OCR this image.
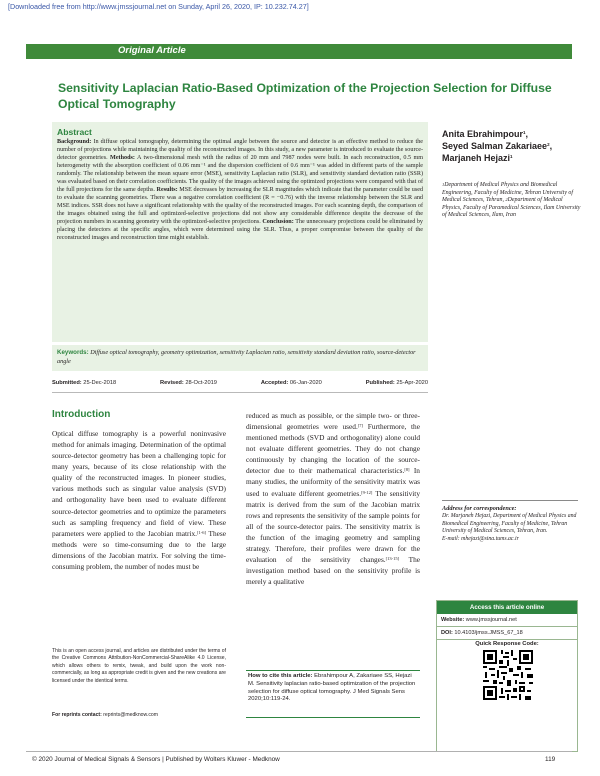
[Downloaded free from http://www.jmssjournal.net on Sunday, April 26, 2020, IP: 10.232.74.27]
Original Article
Sensitivity Laplacian Ratio-Based Optimization of the Projection Selection for Diffuse Optical Tomography
Abstract
Background: In diffuse optical tomography, determining the optimal angle between the source and detector is an effective method to reduce the number of projections while maintaining the quality of the reconstructed images. In this study, a new parameter is introduced to evaluate the source-detector geometries. Methods: A two-dimensional mesh with the radius of 20 mm and 7987 nodes were built. In each reconstruction, 0.5 mm heterogeneity with the absorption coefficient of 0.06 mm⁻¹ and the dispersion coefficient of 0.6 mm⁻¹ was added in different parts of the sample randomly. The relationship between the mean square error (MSE), sensitivity Laplacian ratio (SLR), and sensitivity standard deviation ratio (SSR) was evaluated based on their correlation coefficients. The quality of the images achieved using the optimized projections were compared with that of the full projections for the same depths. Results: MSE decreases by increasing the SLR magnitudes which indicate that the parameter could be used to evaluate the scanning geometries. There was a negative correlation coefficient (R = −0.76) with the inverse relationship between the SLR and MSE indices. SSR does not have a significant relationship with the quality of the reconstructed images. For each scanning depth, the comparison of the images obtained using the full and optimized-selective projections did not show any considerable difference despite the decrease of the projection numbers in scanning geometry with the optimized-selective projections. Conclusion: The unnecessary projections could be eliminated by placing the detectors at the specific angles, which were determined using the SLR. Thus, a proper compromise between the quality of the reconstructed images and reconstruction time might establish.
Keywords: Diffuse optical tomography, geometry optimization, sensitivity Laplacian ratio, sensitivity standard deviation ratio, source-detector angle
Submitted: 25-Dec-2018	Revised: 28-Oct-2019	Accepted: 06-Jan-2020	Published: 25-Apr-2020
Anita Ebrahimpour$^1$,
Seyed Salman Zakariaee$^2$,
Marjaneh Hejazi$^1$
$^1$Department of Medical Physics and Biomedical Engineering, Faculty of Medicine, Tehran University of Medical Sciences, Tehran, $^2$Department of Medical Physics, Faculty of Paramedical Sciences, Ilam University of Medical Sciences, Ilam, Iran
Introduction
Optical diffuse tomography is a powerful noninvasive method for animals imaging. Determination of the optimal source-detector geometry has been a challenging topic for many years, because of its close relationship with the quality of the reconstructed images. In pioneer studies, various methods such as singular value analysis (SVD) and orthogonality have been used to evaluate different source-detector geometries and to optimize the parameters such as sampling frequency and field of view. These parameters were applied to the Jacobian matrix.[1-6] These methods were so time-consuming due to the large dimensions of the Jacobian matrix. For solving the time-consuming problem, the number of nodes must be
reduced as much as possible, or the simple two- or three-dimensional geometries were used.[7] Furthermore, the mentioned methods (SVD and orthogonality) alone could not evaluate different geometries. They do not change continuously by changing the location of the source-detector due to their mathematical characteristics.[8] In many studies, the uniformity of the sensitivity matrix was used to evaluate different geometries.[9-12] The sensitivity matrix is derived from the sum of the Jacobian matrix rows and represents the sensitivity of the sample points for all of the source-detector pairs. The sensitivity matrix is the function of the imaging geometry and sampling strategy. Therefore, their profiles were drawn for the evaluation of the sensitivity changes.[13-15] The investigation method based on the sensitivity profile is merely a qualitative
This is an open access journal, and articles are distributed under the terms of the Creative Commons Attribution-NonCommercial-ShareAlike 4.0 License, which allows others to remix, tweak, and build upon the work non-commercially, as long as appropriate credit is given and the new creations are licensed under the identical terms.
For reprints contact: reprints@medknow.com
How to cite this article: Ebrahimpour A, Zakariaee SS, Hejazi M. Sensitivity laplacian ratio-based optimization of the projection selection for diffuse optical tomography. J Med Signals Sens 2020;10:119-24.
Address for correspondence:
Dr. Marjaneh Hejazi, Department of Medical Physics and Biomedical Engineering, Faculty of Medicine, Tehran University of Medical Sciences, Tehran, Iran.
E-mail: mhejazi@sina.tums.ac.ir
Access this article online
Website: www.jmssjournal.net
DOI: 10.4103/jmss.JMSS_67_18
Quick Response Code:
© 2020 Journal of Medical Signals & Sensors | Published by Wolters Kluwer - Medknow	119
